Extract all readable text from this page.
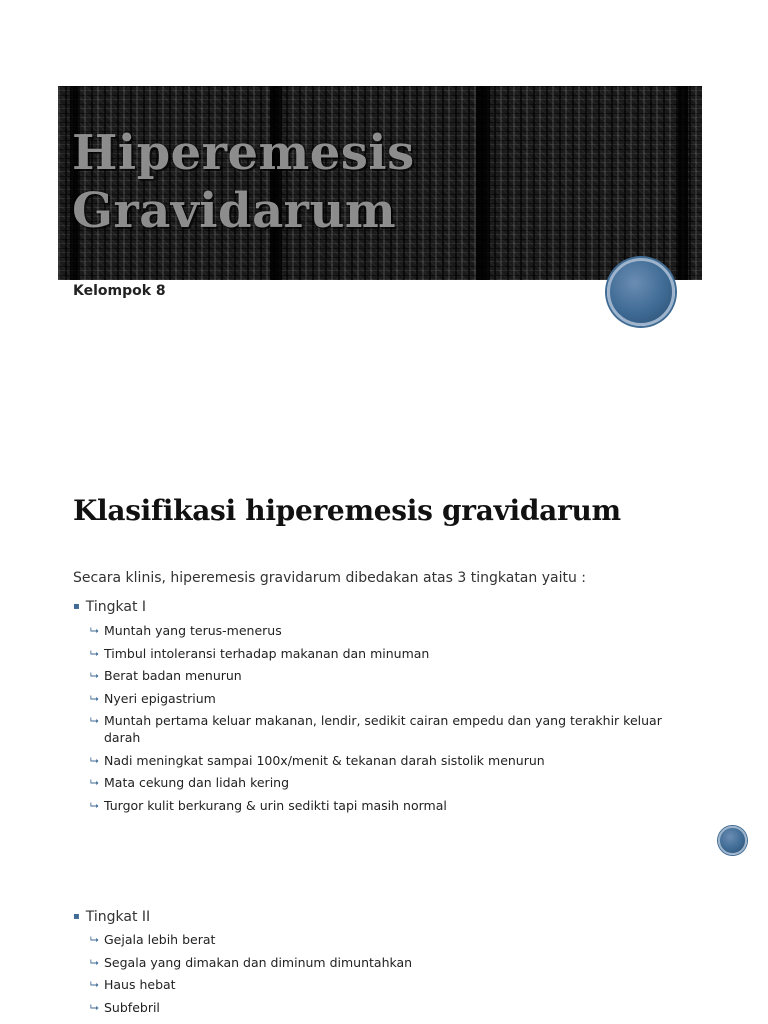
Hiperemesis
Gravidarum

Kelompok 8

Klasifikasi hiperemesis gravidarum

Secara klinis, hiperemesis gravidarum dibedakan atas 3 tingkatan yaitu :

▪ Tingkat I

⮡ Muntah yang terus-menerus
⮡ Timbul intoleransi terhadap makanan dan minuman
⮡ Berat badan menurun
⮡ Nyeri epigastrium
⮡ Muntah pertama keluar makanan, lendir, sedikit cairan empedu dan yang terakhir keluar darah
⮡ Nadi meningkat sampai 100x/menit & tekanan darah sistolik menurun
⮡ Mata cekung dan lidah kering
⮡ Turgor kulit berkurang & urin sedikti tapi masih normal

▪ Tingkat II

⮡ Gejala lebih berat
⮡ Segala yang dimakan dan diminum dimuntahkan
⮡ Haus hebat
⮡ Subfebril
